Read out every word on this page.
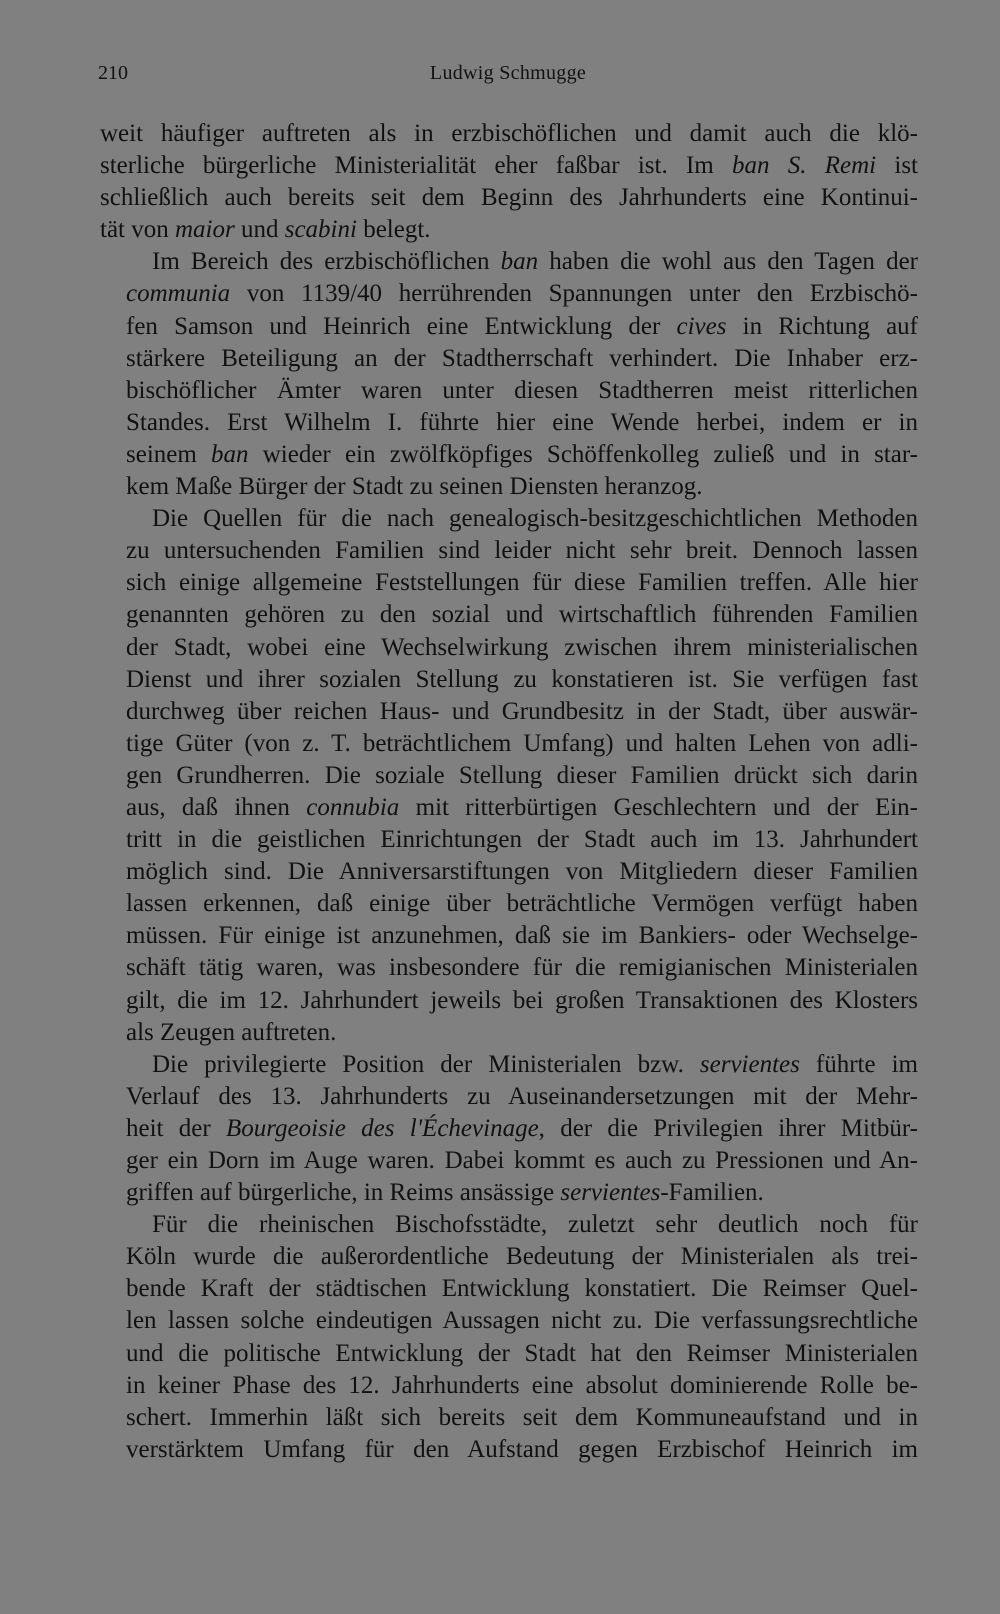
210	Ludwig Schmugge
weit häufiger auftreten als in erzbischöflichen und damit auch die klö-
sterliche bürgerliche Ministerialität eher faßbar ist. Im ban S. Remi ist
schließlich auch bereits seit dem Beginn des Jahrhunderts eine Kontinui-
tät von maior und scabini belegt.
Im Bereich des erzbischöflichen ban haben die wohl aus den Tagen der
communia von 1139/40 herrührenden Spannungen unter den Erzbischö-
fen Samson und Heinrich eine Entwicklung der cives in Richtung auf
stärkere Beteiligung an der Stadtherrschaft verhindert. Die Inhaber erz-
bischöflicher Ämter waren unter diesen Stadtherren meist ritterlichen
Standes. Erst Wilhelm I. führte hier eine Wende herbei, indem er in
seinem ban wieder ein zwölfköpfiges Schöffenkolleg zuließ und in star-
kem Maße Bürger der Stadt zu seinen Diensten heranzog.
Die Quellen für die nach genealogisch-besitzgeschichtlichen Methoden
zu untersuchenden Familien sind leider nicht sehr breit. Dennoch lassen
sich einige allgemeine Feststellungen für diese Familien treffen. Alle hier
genannten gehören zu den sozial und wirtschaftlich führenden Familien
der Stadt, wobei eine Wechselwirkung zwischen ihrem ministerialischen
Dienst und ihrer sozialen Stellung zu konstatieren ist. Sie verfügen fast
durchweg über reichen Haus- und Grundbesitz in der Stadt, über auswär-
tige Güter (von z. T. beträchtlichem Umfang) und halten Lehen von adli-
gen Grundherren. Die soziale Stellung dieser Familien drückt sich darin
aus, daß ihnen connubia mit ritterbürtigen Geschlechtern und der Ein-
tritt in die geistlichen Einrichtungen der Stadt auch im 13. Jahrhundert
möglich sind. Die Anniversarstiftungen von Mitgliedern dieser Familien
lassen erkennen, daß einige über beträchtliche Vermögen verfügt haben
müssen. Für einige ist anzunehmen, daß sie im Bankiers- oder Wechselge-
schäft tätig waren, was insbesondere für die remigianischen Ministerialen
gilt, die im 12. Jahrhundert jeweils bei großen Transaktionen des Klosters
als Zeugen auftreten.
Die privilegierte Position der Ministerialen bzw. servientes führte im
Verlauf des 13. Jahrhunderts zu Auseinandersetzungen mit der Mehr-
heit der Bourgeoisie des l'Échevinage, der die Privilegien ihrer Mitbür-
ger ein Dorn im Auge waren. Dabei kommt es auch zu Pressionen und An-
griffen auf bürgerliche, in Reims ansässige servientes-Familien.
Für die rheinischen Bischofsstädte, zuletzt sehr deutlich noch für
Köln wurde die außerordentliche Bedeutung der Ministerialen als trei-
bende Kraft der städtischen Entwicklung konstatiert. Die Reimser Quel-
len lassen solche eindeutigen Aussagen nicht zu. Die verfassungsrechtliche
und die politische Entwicklung der Stadt hat den Reimser Ministerialen
in keiner Phase des 12. Jahrhunderts eine absolut dominierende Rolle be-
schert. Immerhin läßt sich bereits seit dem Kommuneaufstand und in
verstärktem Umfang für den Aufstand gegen Erzbischof Heinrich im
